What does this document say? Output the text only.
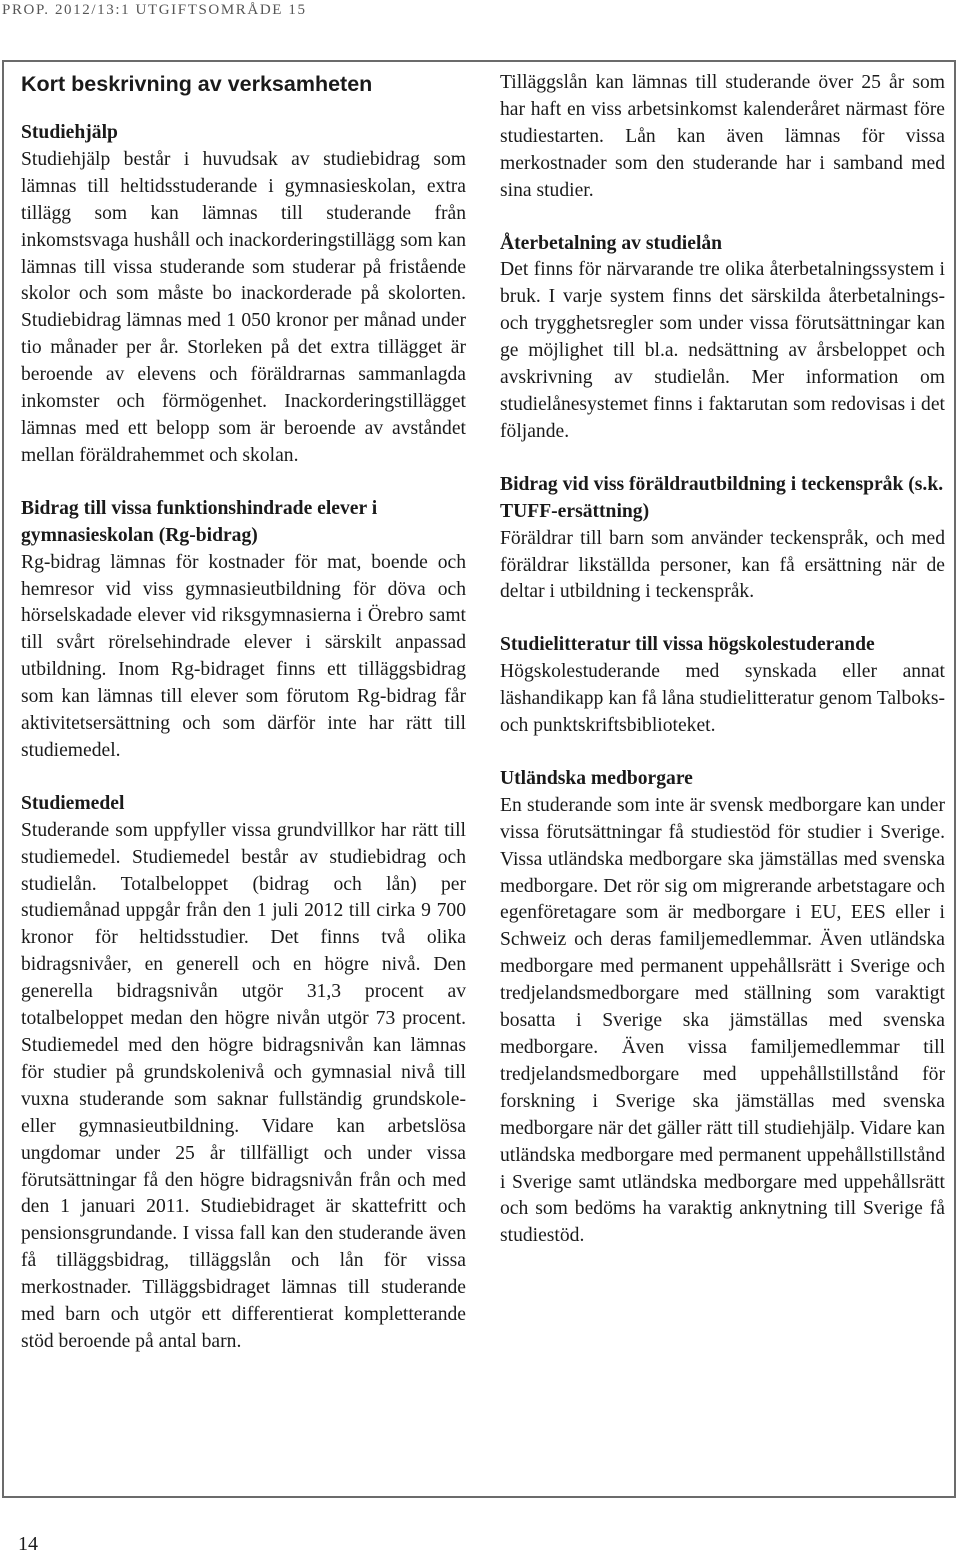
PROP. 2012/13:1 UTGIFTSOMRÅDE 15

Kort beskrivning av verksamheten
Studiehjälp

Studiehjälp består i huvudsak av studiebidrag som lämnas till heltidsstuderande i gymnasieskolan, extra tillägg som kan lämnas till studerande från inkomstsvaga hushåll och inackorderingstillägg som kan lämnas till vissa studerande som studerar på fristående skolor och som måste bo inackorderade på skolorten. Studiebidrag lämnas med 1 050 kronor per månad under tio månader per år. Storleken på det extra tillägget är beroende av elevens och föräldrarnas sammanlagda inkomster och förmögenhet. Inackorderingstillägget lämnas med ett belopp som är beroende av avståndet mellan föräldrahemmet och skolan.

Bidrag till vissa funktionshindrade elever i gymnasieskolan (Rg-bidrag)

Rg-bidrag lämnas för kostnader för mat, boende och hemresor vid viss gymnasieutbildning för döva och hörselskadade elever vid riksgymnasierna i Örebro samt till svårt rörelsehindrade elever i särskilt anpassad utbildning. Inom Rg-bidraget finns ett tilläggsbidrag som kan lämnas till elever som förutom Rg-bidrag får aktivitetsersättning och som därför inte har rätt till studiemedel.

Studiemedel

Studerande som uppfyller vissa grundvillkor har rätt till studiemedel. Studiemedel består av studiebidrag och studielån. Totalbeloppet (bidrag och lån) per studiemånad uppgår från den 1 juli 2012 till cirka 9 700 kronor för heltidsstudier. Det finns två olika bidragsnivåer, en generell och en högre nivå. Den generella bidragsnivån utgör 31,3 procent av totalbeloppet medan den högre nivån utgör 73 procent. Studiemedel med den högre bidragsnivån kan lämnas för studier på grundskolenivå och gymnasial nivå till vuxna studerande som saknar fullständig grundskole- eller gymnasieutbildning. Vidare kan arbetslösa ungdomar under 25 år tillfälligt och under vissa förutsättningar få den högre bidragsnivån från och med den 1 januari 2011. Studiebidraget är skattefritt och pensionsgrundande. I vissa fall kan den studerande även få tilläggsbidrag, tilläggslån och lån för vissa merkostnader. Tilläggsbidraget lämnas till studerande med barn och utgör ett differentierat kompletterande stöd beroende på antal barn.

Tilläggslån kan lämnas till studerande över 25 år som har haft en viss arbetsinkomst kalenderåret närmast före studiestarten. Lån kan även lämnas för vissa merkostnader som den studerande har i samband med sina studier.

Återbetalning av studielån

Det finns för närvarande tre olika återbetalningssystem i bruk. I varje system finns det särskilda återbetalnings- och trygghetsregler som under vissa förutsättningar kan ge möjlighet till bl.a. nedsättning av årsbeloppet och avskrivning av studielån. Mer information om studielånesystemet finns i faktarutan som redovisas i det följande.

Bidrag vid viss föräldrautbildning i teckenspråk (s.k. TUFF-ersättning)

Föräldrar till barn som använder teckenspråk, och med föräldrar likställda personer, kan få ersättning när de deltar i utbildning i teckenspråk.

Studielitteratur till vissa högskolestuderande

Högskolestuderande med synskada eller annat läshandikapp kan få låna studielitteratur genom Talboks- och punktskriftsbiblioteket.

Utländska medborgare

En studerande som inte är svensk medborgare kan under vissa förutsättningar få studiestöd för studier i Sverige. Vissa utländska medborgare ska jämställas med svenska medborgare. Det rör sig om migrerande arbetstagare och egenföretagare som är medborgare i EU, EES eller i Schweiz och deras familjemedlemmar. Även utländska medborgare med permanent uppehållsrätt i Sverige och tredjelandsmedborgare med ställning som varaktigt bosatta i Sverige ska jämställas med svenska medborgare. Även vissa familjemedlemmar till tredjelandsmedborgare med uppehållstillstånd för forskning i Sverige ska jämställas med svenska medborgare när det gäller rätt till studiehjälp. Vidare kan utländska medborgare med permanent uppehållstillstånd i Sverige samt utländska medborgare med uppehållsrätt och som bedöms ha varaktig anknytning till Sverige få studiestöd.

14
